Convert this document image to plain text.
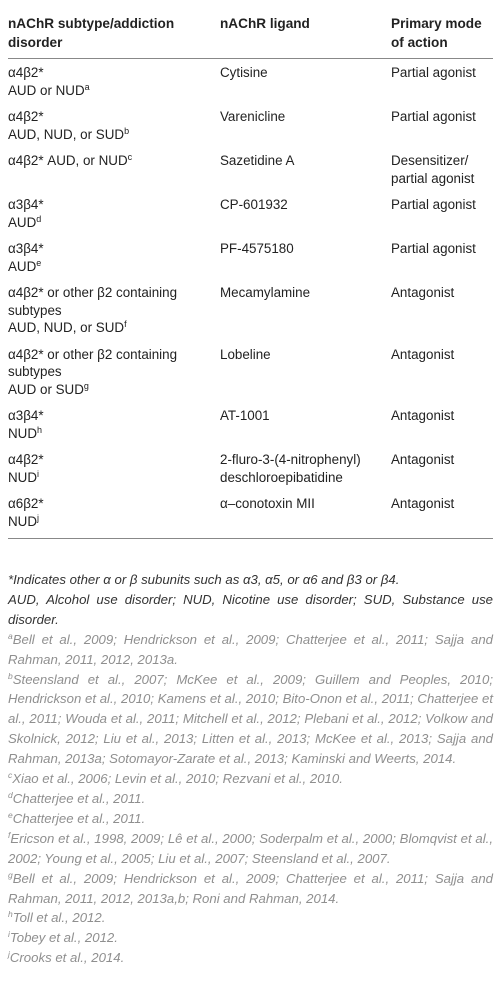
nAChR subtype/addiction disorder	nAChR ligand	Primary mode of action
α4β2*
AUD or NUD$^a$	Cytisine	Partial agonist
α4β2*
AUD, NUD, or SUD$^b$	Varenicline	Partial agonist
α4β2* AUD, or NUD$^c$	Sazetidine A	Desensitizer/ partial agonist
α3β4*
AUD$^d$	CP-601932	Partial agonist
α3β4*
AUD$^e$	PF-4575180	Partial agonist
α4β2* or other β2 containing subtypes
AUD, NUD, or SUD$^f$	Mecamylamine	Antagonist
α4β2* or other β2 containing subtypes
AUD or SUD$^g$	Lobeline	Antagonist
α3β4*
NUD$^h$	AT-1001	Antagonist
α4β2*
NUD$^i$	2-fluro-3-(4-nitrophenyl) deschloroepibatidine	Antagonist
α6β2*
NUD$^j$	α–conotoxin MII	Antagonist

*Indicates other α or β subunits such as α3, α5, or α6 and β3 or β4.

AUD, Alcohol use disorder; NUD, Nicotine use disorder; SUD, Substance use disorder.

$^a$Bell et al., 2009; Hendrickson et al., 2009; Chatterjee et al., 2011; Sajja and Rahman, 2011, 2012, 2013a.

$^b$Steensland et al., 2007; McKee et al., 2009; Guillem and Peoples, 2010; Hendrickson et al., 2010; Kamens et al., 2010; Bito-Onon et al., 2011; Chatterjee et al., 2011; Wouda et al., 2011; Mitchell et al., 2012; Plebani et al., 2012; Volkow and Skolnick, 2012; Liu et al., 2013; Litten et al., 2013; McKee et al., 2013; Sajja and Rahman, 2013a; Sotomayor-Zarate et al., 2013; Kaminski and Weerts, 2014.

$^c$Xiao et al., 2006; Levin et al., 2010; Rezvani et al., 2010.

$^d$Chatterjee et al., 2011.

$^e$Chatterjee et al., 2011.

$^f$Ericson et al., 1998, 2009; Lê et al., 2000; Soderpalm et al., 2000; Blomqvist et al., 2002; Young et al., 2005; Liu et al., 2007; Steensland et al., 2007.

$^g$Bell et al., 2009; Hendrickson et al., 2009; Chatterjee et al., 2011; Sajja and Rahman, 2011, 2012, 2013a,b; Roni and Rahman, 2014.

$^h$Toll et al., 2012.

$^i$Tobey et al., 2012.

$^j$Crooks et al., 2014.
